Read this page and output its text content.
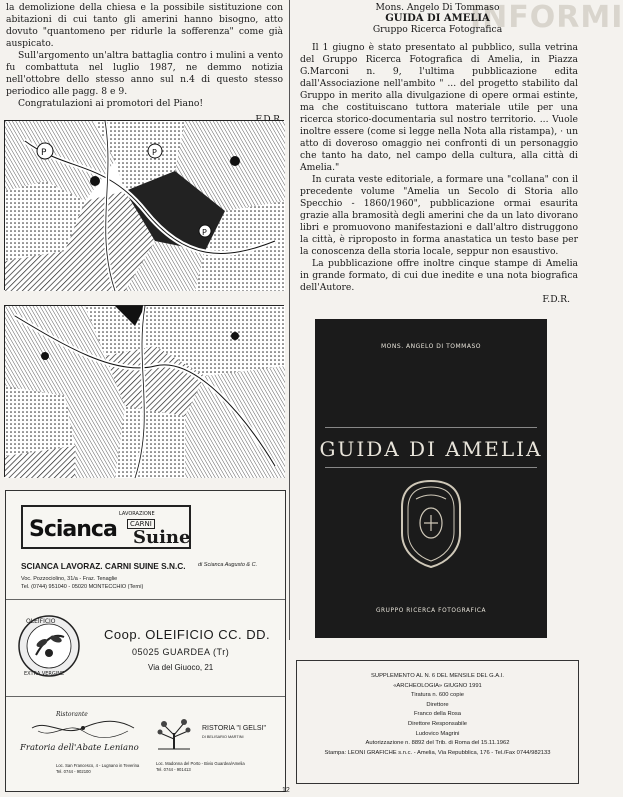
INFORMI

la demolizione della chiesa e la possibile sistituzione con abitazioni di cui tanto gli amerini hanno bisogno, atto dovuto "quantomeno per ridurle la sofferenza" come già auspicato.

Sull'argomento un'altra battaglia contro i mulini a vento fu combattuta nel luglio 1987, ne demmo notizia nell'ottobre dello stesso anno sul n.4 di questo stesso periodico alle pagg. 8 e 9.

Congratulazioni ai promotori del Piano!

P	P
P
Mons. Angelo Di Tommaso
GUIDA DI AMELIA
Gruppo Ricerca Fotografica

Il 1 giugno è stato presentato al pubblico, sulla vetrina del Gruppo Ricerca Fotografica di Amelia, in Piazza G.Marconi n. 9, l'ultima pubblicazione edita dall'Associazione nell'ambito " ... del progetto stabilito dal Gruppo in merito alla divulgazione di opere ormai estinte, ma che costituiscano tuttora materiale utile per una ricerca storico-documentaria sul nostro territorio. ... Vuole inoltre essere (come si legge nella Nota alla ristampa), · un atto di doveroso omaggio nei confronti di un personaggio che tanto ha dato, nel campo della cultura, alla città di Amelia."

In curata veste editoriale, a formare una "collana" con il precedente volume "Amelia un Secolo di Storia allo Specchio - 1860/1960", pubblicazione ormai esaurita grazie alla bramosità degli amerini che da un lato divorano libri e promuovono manifestazioni e dall'altro distruggono la città, è riproposto in forma anastatica un testo base per la conoscenza della storia locale, seppur non esaustivo.

La pubblicazione offre inoltre cinque stampe di Amelia in grande formato, di cui due inedite e una nota biografica dell'Autore.

F.D.R.
MONS. ANGELO DI TOMMASO
GUIDA DI AMELIA
GRUPPO RICERCA FOTOGRAFICA
Scianca
LAVORAZIONE
CARNI
Suine
SCIANCA LAVORAZ. CARNI SUINE S.N.C. di Scianca Augusto & C.
Voc. Pozzociolino, 31/a - Fraz. Tenaglie
Tel. (0744) 951040 - 05020 MONTECCHIO (Terni)
OLEIFICIO
EXTRA VERGINE
Coop. OLEIFICIO CC. DD.
05025 GUARDEA (Tr)
Via del Giuoco, 21
Ristorante
Fratoria dell'Abate Leniano
Loc. San Francesco, 4 - Lugnano in Teverina
Tel. 0744 - 902100
RISTORIA "I GELSI"
DI BELISARIO MARTINI
Loc. Madonna del Porto - Bivio Guardea/Amelia
Tel. 0744 - 901413
SUPPLEMENTO AL N. 6 DEL MENSILE DEL G.A.I.
«ARCHEOLOGIA» GIUGNO 1991
Tiratura n. 600 copie
Direttore
Franco della Rosa
Direttore Responsabile
Ludovico Magrini
Autorizzazione n. 8892 del Trib. di Roma del 15.11.1962
Stampa: LEONI GRAFICHE s.n.c. - Amelia, Via Repubblica, 176 - Tel./Fax 0744/982133
12
